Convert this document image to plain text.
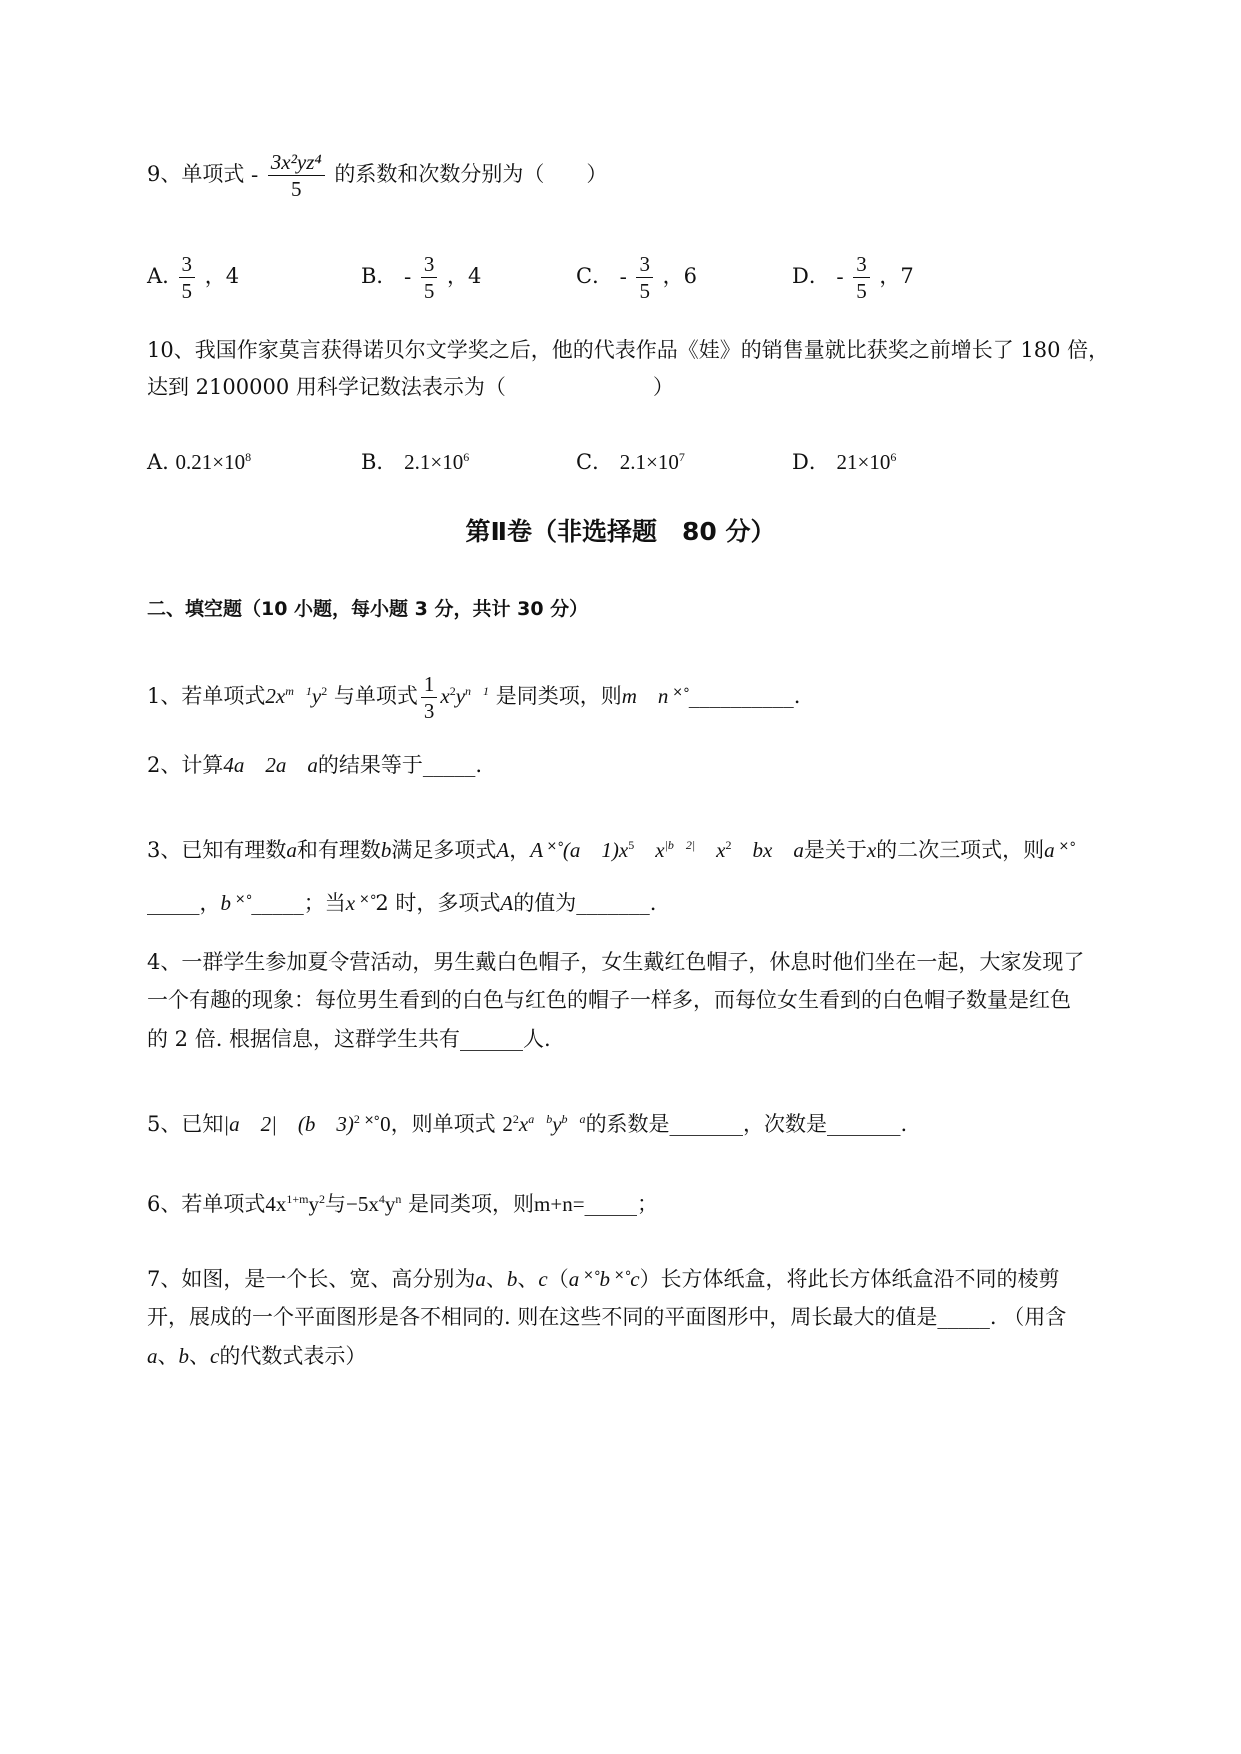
9、单项式 - $\frac{\text{3x²yz⁴}}{5}$ 的系数和次数分别为（　　）
A. $\frac{3}{5}$ ，4	B． - $\frac{3}{5}$ ，4	C． - $\frac{3}{5}$ ，6	D． - $\frac{3}{5}$ ，7
10、我国作家莫言获得诺贝尔文学奖之后，他的代表作品《娃》的销售量就比获奖之前增长了 180 倍，
达到 2100000 用科学记数法表示为（　　　　　　　）
A. $0.21\times 10^8$	B． $2.1\times 10^6$	C． $2.1\times 10^7$	D． $21\times 10^6$
第Ⅱ卷（非选择题　80 分）
二、填空题（10 小题，每小题 3 分，共计 30 分）
1、若单项式$2x^{m 1}y^2$ 与单项式 $\frac{1}{3} x^2y^{n 1}$ 是同类项，则m　n ˟˚__________.
2、计算4a　2a　a的结果等于_____.
3、已知有理数a和有理数b满足多项式A，A ˟˚(a　$1)x^5$　$x^{|b 2|}$　$x^2$　bx　a是关于x的二次三项式，则a ˟˚
_____，b ˟˚_____；当x ˟˚2 时，多项式A的值为_______.
4、一群学生参加夏令营活动，男生戴白色帽子，女生戴红色帽子，休息时他们坐在一起，大家发现了
一个有趣的现象：每位男生看到的白色与红色的帽子一样多，而每位女生看到的白色帽子数量是红色
的 2 倍. 根据信息，这群学生共有______人.
5、已知|a　2|　(b　3)$^2$ ˟˚0，则单项式 $2^2x^{a b}y^{b a}$的系数是_______，次数是_______.
6、若单项式$4x^{1+m}y^2$与$-5x^4y^n$ 是同类项，则m+n=_____；
7、如图，是一个长、宽、高分别为a、b、c（a ˟˚b ˟˚c）长方体纸盒，将此长方体纸盒沿不同的棱剪
开，展成的一个平面图形是各不相同的. 则在这些不同的平面图形中，周长最大的值是_____. （用含
a、b、c的代数式表示）
